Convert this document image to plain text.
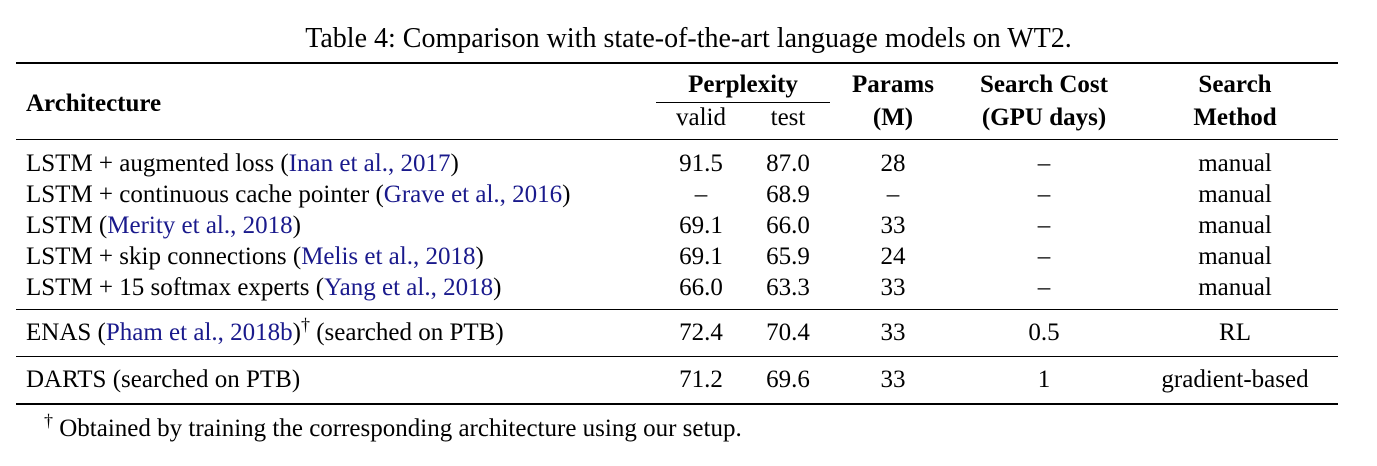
Table 4: Comparison with state-of-the-art language models on WT2.
Architecture	Perplexity		Params	Search Cost	Search
	valid	test	(M)	(GPU days)	Method
LSTM + augmented loss (Inan et al., 2017)	91.5	87.0	28	–	manual
LSTM + continuous cache pointer (Grave et al., 2016)	–	68.9	–	–	manual
LSTM (Merity et al., 2018)	69.1	66.0	33	–	manual
LSTM + skip connections (Melis et al., 2018)	69.1	65.9	24	–	manual
LSTM + 15 softmax experts (Yang et al., 2018)	66.0	63.3	33	–	manual
ENAS (Pham et al., 2018b)† (searched on PTB)	72.4	70.4	33	0.5	RL
DARTS (searched on PTB)	71.2	69.6	33	1	gradient-based
† Obtained by training the corresponding architecture using our setup.
